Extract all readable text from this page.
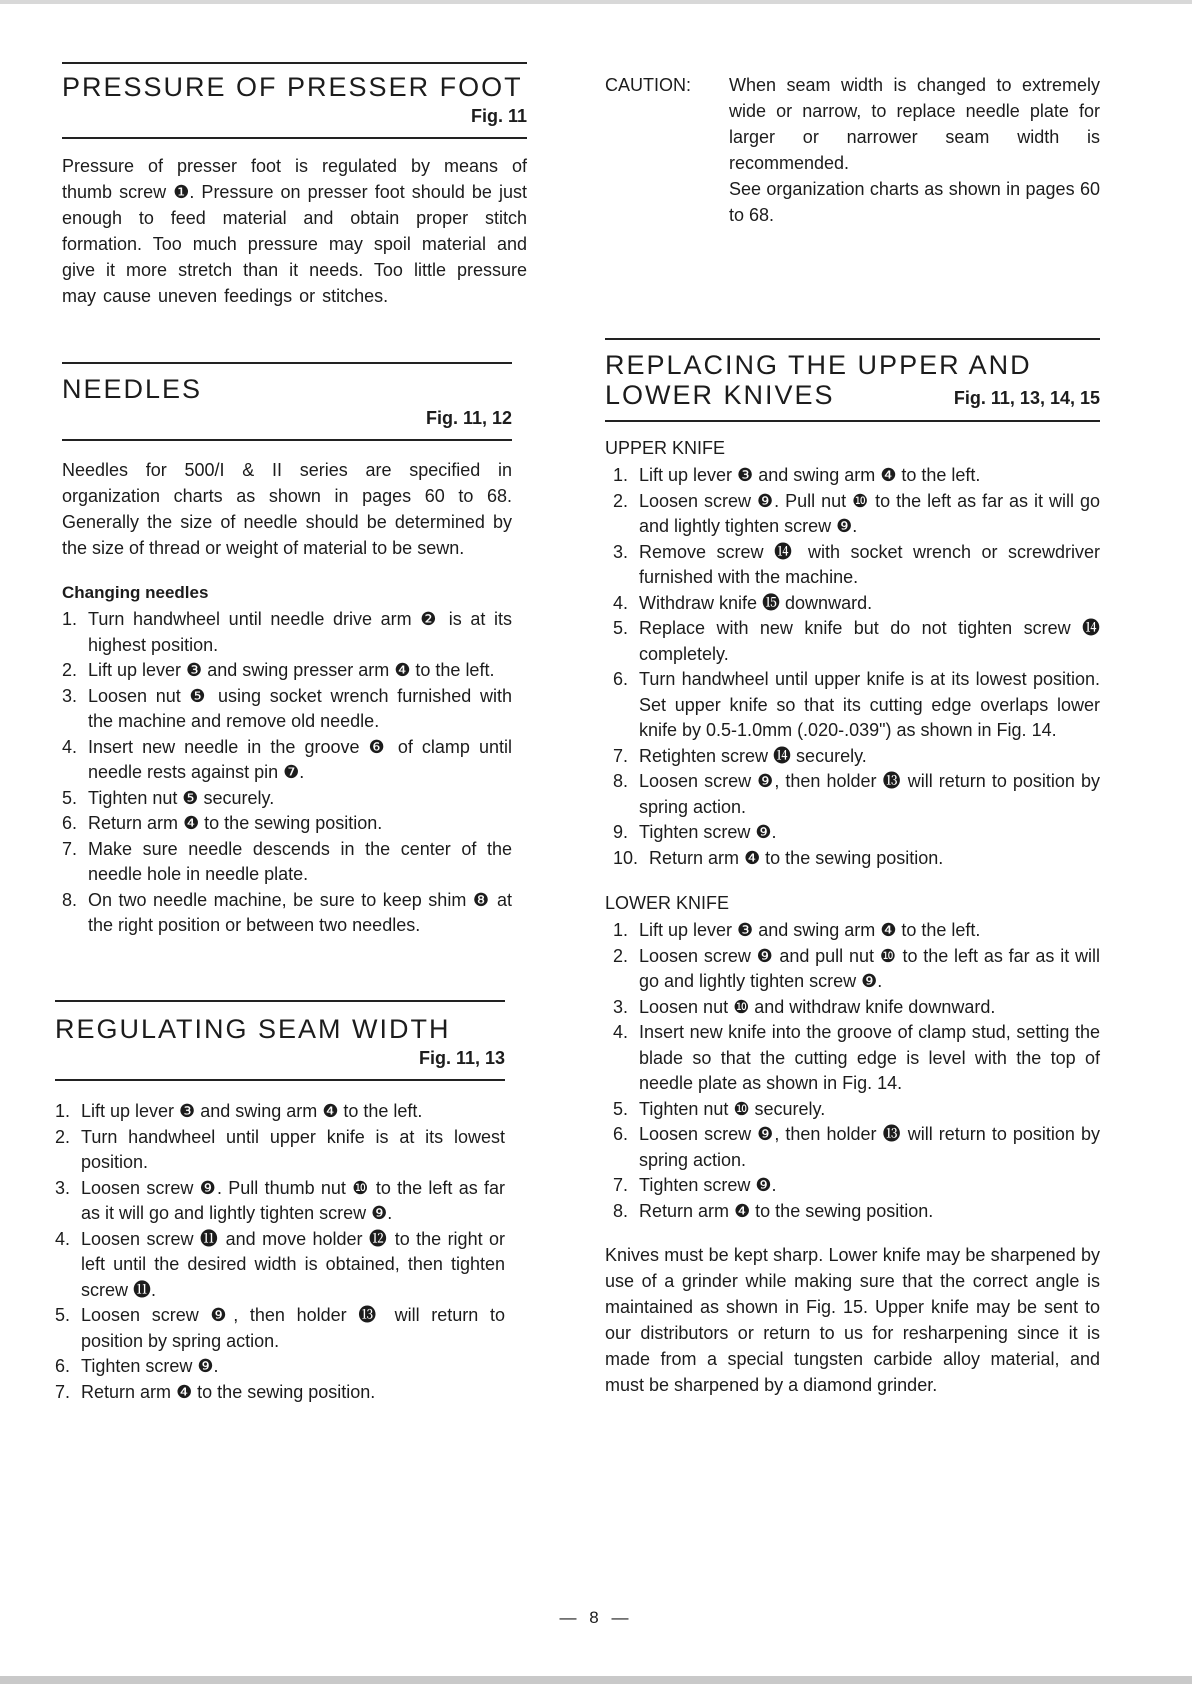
PRESSURE OF PRESSER FOOT
Fig. 11

Pressure of presser foot is regulated by means of thumb screw ❶. Pressure on presser foot should be just enough to feed material and obtain proper stitch formation. Too much pressure may spoil material and give it more stretch than it needs. Too little pressure may cause uneven feedings or stitches.

NEEDLES
Fig. 11, 12

Needles for 500/I & II series are specified in organization charts as shown in pages 60 to 68. Generally the size of needle should be determined by the size of thread or weight of material to be sewn.

Changing needles
1. Turn handwheel until needle drive arm ❷ is at its highest position.
2. Lift up lever ❸ and swing presser arm ❹ to the left.
3. Loosen nut ❺ using socket wrench furnished with the machine and remove old needle.
4. Insert new needle in the groove ❻ of clamp until needle rests against pin ❼.
5. Tighten nut ❺ securely.
6. Return arm ❹ to the sewing position.
7. Make sure needle descends in the center of the needle hole in needle plate.
8. On two needle machine, be sure to keep shim ❽ at the right position or between two needles.
REGULATING SEAM WIDTH
Fig. 11, 13
1. Lift up lever ❸ and swing arm ❹ to the left.
2. Turn handwheel until upper knife is at its lowest position.
3. Loosen screw ❾. Pull thumb nut ❿ to the left as far as it will go and lightly tighten screw ❾.
4. Loosen screw ⓫ and move holder ⓬ to the right or left until the desired width is obtained, then tighten screw ⓫.
5. Loosen screw ❾, then holder ⓭ will return to position by spring action.
6. Tighten screw ❾.
7. Return arm ❹ to the sewing position.
CAUTION: When seam width is changed to extremely wide or narrow, to replace needle plate for larger or narrower seam width is recommended.
See organization charts as shown in pages 60 to 68.
REPLACING THE UPPER AND
LOWER KNIVES	Fig. 11, 13, 14, 15
UPPER KNIFE
1. Lift up lever ❸ and swing arm ❹ to the left.
2. Loosen screw ❾. Pull nut ❿ to the left as far as it will go and lightly tighten screw ❾.
3. Remove screw ⓮ with socket wrench or screwdriver furnished with the machine.
4. Withdraw knife ⓯ downward.
5. Replace with new knife but do not tighten screw ⓮ completely.
6. Turn handwheel until upper knife is at its lowest position. Set upper knife so that its cutting edge overlaps lower knife by 0.5-1.0mm (.020-.039") as shown in Fig. 14.
7. Retighten screw ⓮ securely.
8. Loosen screw ❾, then holder ⓭ will return to position by spring action.
9. Tighten screw ❾.
10. Return arm ❹ to the sewing position.
LOWER KNIFE
1. Lift up lever ❸ and swing arm ❹ to the left.
2. Loosen screw ❾ and pull nut ❿ to the left as far as it will go and lightly tighten screw ❾.
3. Loosen nut ❿ and withdraw knife downward.
4. Insert new knife into the groove of clamp stud, setting the blade so that the cutting edge is level with the top of needle plate as shown in Fig. 14.
5. Tighten nut ❿ securely.
6. Loosen screw ❾, then holder ⓭ will return to position by spring action.
7. Tighten screw ❾.
8. Return arm ❹ to the sewing position.

Knives must be kept sharp. Lower knife may be sharpened by use of a grinder while making sure that the correct angle is maintained as shown in Fig. 15. Upper knife may be sent to our distributors or return to us for resharpening since it is made from a special tungsten carbide alloy material, and must be sharpened by a diamond grinder.

— 8 —
